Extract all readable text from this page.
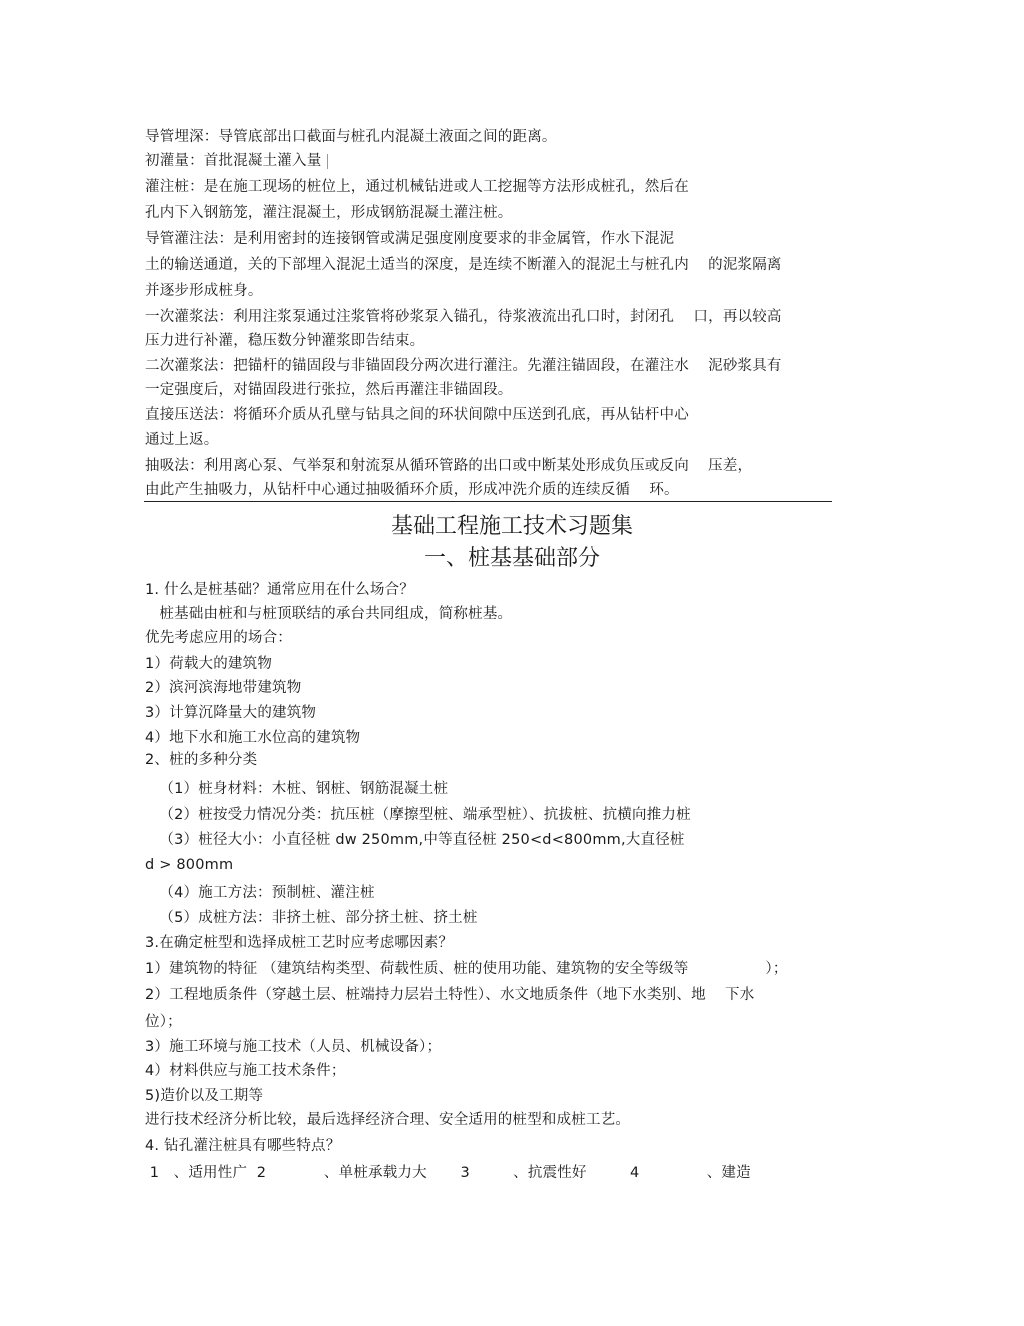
导管埋深：导管底部出口截面与桩孔内混凝土液面之间的距离。
初灌量：首批混凝土灌入量
灌注桩：是在施工现场的桩位上，通过机械钻进或人工挖掘等方法形成桩孔，然后在
孔内下入钢筋笼，灌注混凝土，形成钢筋混凝土灌注桩。
导管灌注法：是利用密封的连接钢管或满足强度刚度要求的非金属管，作水下混泥
土的输送通道，关的下部埋入混泥土适当的深度，是连续不断灌入的混泥土与桩孔内    的泥浆隔离
并逐步形成桩身。
一次灌浆法：利用注浆泵通过注浆管将砂浆泵入锚孔，待浆液流出孔口时，封闭孔    口，再以较高
压力进行补灌，稳压数分钟灌浆即告结束。
二次灌浆法：把锚杆的锚固段与非锚固段分两次进行灌注。先灌注锚固段，在灌注水    泥砂浆具有
一定强度后，对锚固段进行张拉，然后再灌注非锚固段。
直接压送法：将循环介质从孔壁与钻具之间的环状间隙中压送到孔底，再从钻杆中心
通过上返。
抽吸法：利用离心泵、气举泵和射流泵从循环管路的出口或中断某处形成负压或反向    压差，
由此产生抽吸力，从钻杆中心通过抽吸循环介质，形成冲洗介质的连续反循    环。
基础工程施工技术习题集
一、桩基基础部分
1. 什么是桩基础？通常应用在什么场合？
桩基础由桩和与桩顶联结的承台共同组成，简称桩基。
优先考虑应用的场合：
1）荷载大的建筑物
2）滨河滨海地带建筑物
3）计算沉降量大的建筑物
4）地下水和施工水位高的建筑物
2、桩的多种分类
（1）桩身材料：木桩、钢桩、钢筋混凝土桩
（2）桩按受力情况分类：抗压桩（摩擦型桩、端承型桩）、抗拔桩、抗横向推力桩
（3）桩径大小：小直径桩 dw 250mm,中等直径桩 250<d<800mm,大直径桩
d > 800mm
（4）施工方法：预制桩、灌注桩
（5）成桩方法：非挤土桩、部分挤土桩、挤土桩
3.在确定桩型和选择成桩工艺时应考虑哪因素？
1）建筑物的特征 （建筑结构类型、荷载性质、桩的使用功能、建筑物的安全等级等                ）；
2）工程地质条件（穿越土层、桩端持力层岩土特性）、水文地质条件（地下水类别、地    下水
位）；
3）施工环境与施工技术（人员、机械设备）；
4）材料供应与施工技术条件；
5)造价以及工期等
进行技术经济分析比较，最后选择经济合理、安全适用的桩型和成桩工艺。
4. 钻孔灌注桩具有哪些特点？
1   、适用性广  2            、单桩承载力大       3         、抗震性好         4              、建造
